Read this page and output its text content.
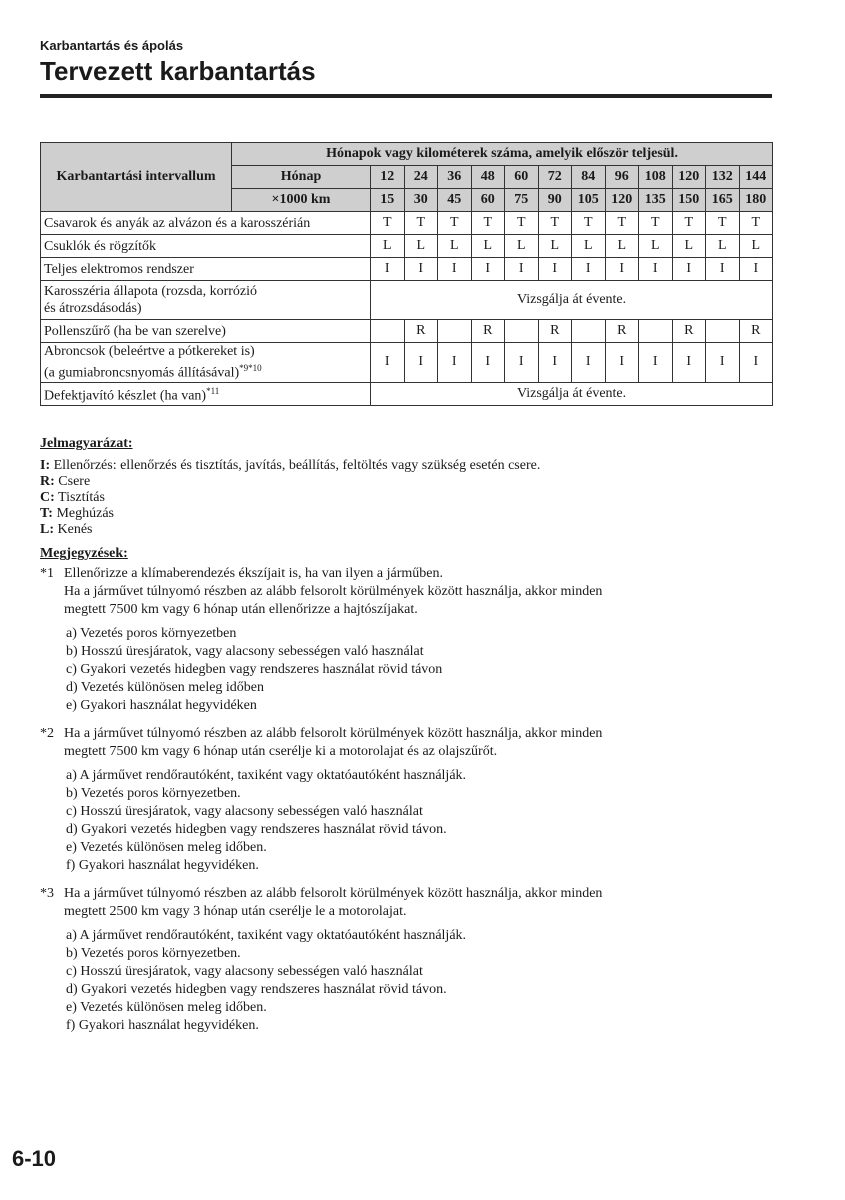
Karbantartás és ápolás
Tervezett karbantartás
Karbantartási intervallum	Hónapok vagy kilométerek száma, amelyik először teljesül.												
	Hónap	12	24	36	48	60	72	84	96	108	120	132	144
	×1000 km	15	30	45	60	75	90	105	120	135	150	165	180
Csavarok és anyák az alvázon és a karosszérián		T	T	T	T	T	T	T	T	T	T	T	T
Csuklók és rögzítők		L	L	L	L	L	L	L	L	L	L	L	L
Teljes elektromos rendszer		I	I	I	I	I	I	I	I	I	I	I	I
Karosszéria állapota (rozsda, korrózió
és átrozsdásodás)		Vizsgálja át évente.											
Pollenszűrő (ha be van szerelve)			R		R		R		R		R		R
Abroncsok (beleértve a pótkereket is)
(a gumiabroncsnyomás állításával)$^{*9*10}$		I	I	I	I	I	I	I	I	I	I	I	I
Defektjavító készlet (ha van)$^{*11}$		Vizsgálja át évente.											
Jelmagyarázat:
I: Ellenőrzés: ellenőrzés és tisztítás, javítás, beállítás, feltöltés vagy szükség esetén csere.
R: Csere
C: Tisztítás
T: Meghúzás
L: Kenés
Megjegyzések:
*1 Ellenőrizze a klímaberendezés ékszíjait is, ha van ilyen a járműben.
Ha a járművet túlnyomó részben az alább felsorolt körülmények között használja, akkor minden
megtett 7500 km vagy 6 hónap után ellenőrizze a hajtószíjakat.
a) Vezetés poros környezetben
b) Hosszú üresjáratok, vagy alacsony sebességen való használat
c) Gyakori vezetés hidegben vagy rendszeres használat rövid távon
d) Vezetés különösen meleg időben
e) Gyakori használat hegyvidéken
*2 Ha a járművet túlnyomó részben az alább felsorolt körülmények között használja, akkor minden
megtett 7500 km vagy 6 hónap után cserélje ki a motorolajat és az olajszűrőt.
a) A járművet rendőrautóként, taxiként vagy oktatóautóként használják.
b) Vezetés poros környezetben.
c) Hosszú üresjáratok, vagy alacsony sebességen való használat
d) Gyakori vezetés hidegben vagy rendszeres használat rövid távon.
e) Vezetés különösen meleg időben.
f) Gyakori használat hegyvidéken.
*3 Ha a járművet túlnyomó részben az alább felsorolt körülmények között használja, akkor minden
megtett 2500 km vagy 3 hónap után cserélje le a motorolajat.
a) A járművet rendőrautóként, taxiként vagy oktatóautóként használják.
b) Vezetés poros környezetben.
c) Hosszú üresjáratok, vagy alacsony sebességen való használat
d) Gyakori vezetés hidegben vagy rendszeres használat rövid távon.
e) Vezetés különösen meleg időben.
f) Gyakori használat hegyvidéken.
6-10
